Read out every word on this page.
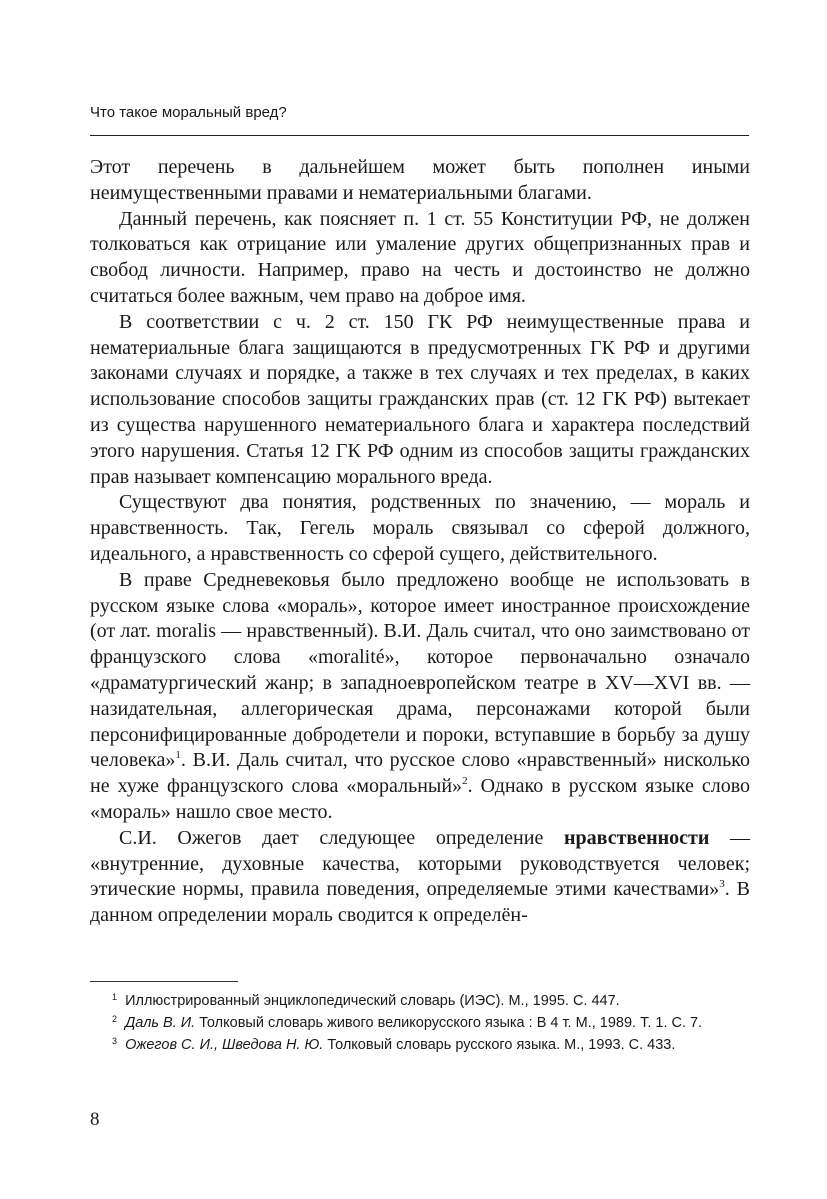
Что такое моральный вред?

Этот перечень в дальнейшем может быть пополнен иными неимущественными правами и нематериальными благами.

Данный перечень, как поясняет п. 1 ст. 55 Конституции РФ, не должен толковаться как отрицание или умаление других общепризнанных прав и свобод личности. Например, право на честь и достоинство не должно считаться более важным, чем право на доброе имя.

В соответствии с ч. 2 ст. 150 ГК РФ неимущественные права и нематериальные блага защищаются в предусмотренных ГК РФ и другими законами случаях и порядке, а также в тех случаях и тех пределах, в каких использование способов защиты гражданских прав (ст. 12 ГК РФ) вытекает из существа нарушенного нематериального блага и характера последствий этого нарушения. Статья 12 ГК РФ одним из способов защиты гражданских прав называет компенсацию морального вреда.

Существуют два понятия, родственных по значению, — мораль и нравственность. Так, Гегель мораль связывал со сферой должного, идеального, а нравственность со сферой сущего, действительного.

В праве Средневековья было предложено вообще не использовать в русском языке слова «мораль», которое имеет иностранное происхождение (от лат. moralis — нравственный). В.И. Даль считал, что оно заимствовано от французского слова «moralité», которое первоначально означало «драматургический жанр; в западноевропейском театре в XV—XVI вв. — назидательная, аллегорическая драма, персонажами которой были персонифицированные добродетели и пороки, вступавшие в борьбу за душу человека»$^1$. В.И. Даль считал, что русское слово «нравственный» нисколько не хуже французского слова «моральный»$^2$. Однако в русском языке слово «мораль» нашло свое место.

С.И. Ожегов дает следующее определение нравственности — «внутренние, духовные качества, которыми руководствуется человек; этические нормы, правила поведения, определяемые этими качествами»$^3$. В данном определении мораль сводится к определён-

$^1$ Иллюстрированный энциклопедический словарь (ИЭС). М., 1995. С. 447.

$^2$ Даль В. И. Толковый словарь живого великорусского языка : В 4 т. М., 1989. Т. 1. С. 7.

$^3$ Ожегов С. И., Шведова Н. Ю. Толковый словарь русского языка. М., 1993. С. 433.

8
